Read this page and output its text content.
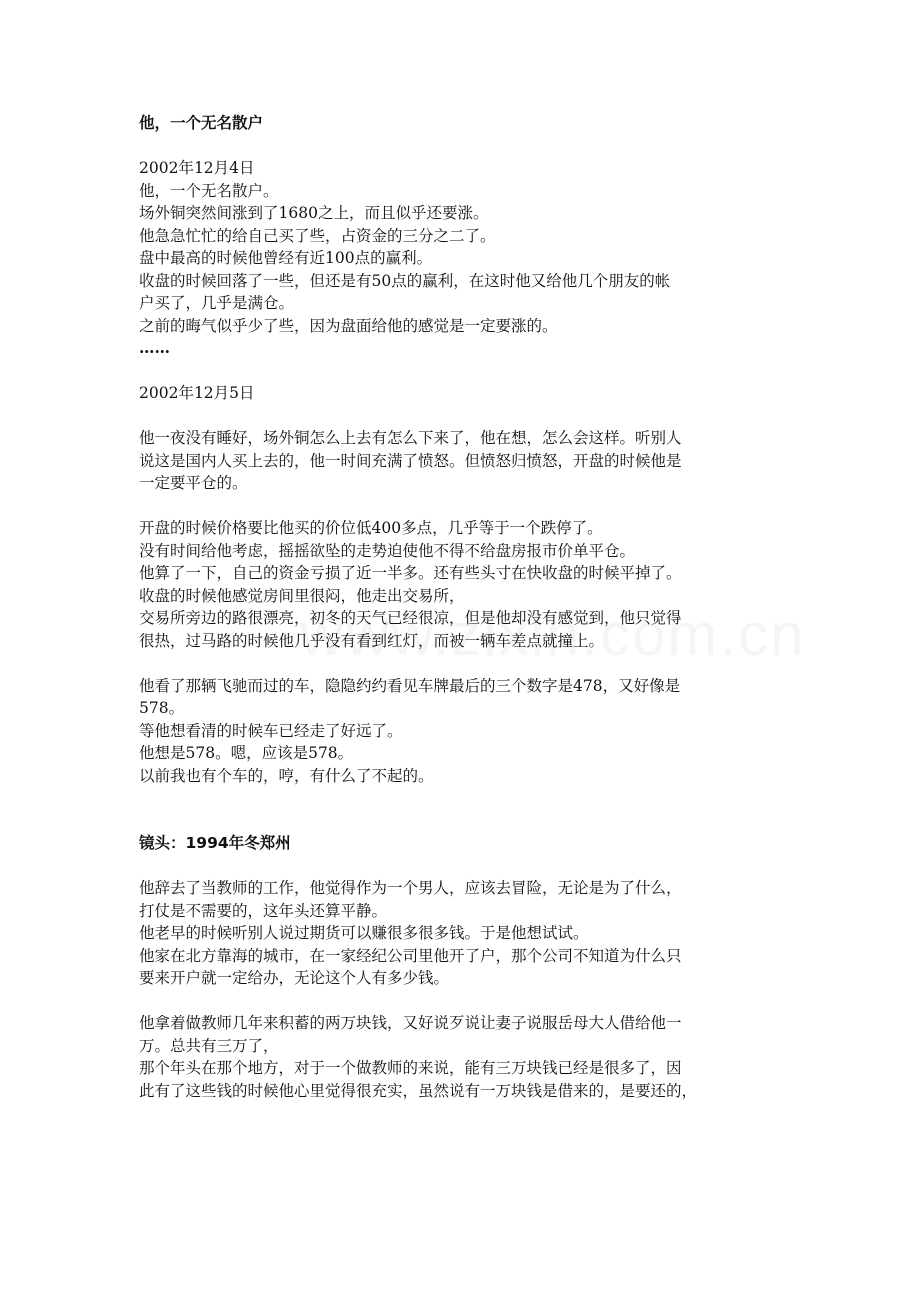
他，一个无名散户
2002年12月4日
他，一个无名散户。
场外铜突然间涨到了1680之上，而且似乎还要涨。
他急急忙忙的给自己买了些，占资金的三分之二了。
盘中最高的时候他曾经有近100点的赢利。
收盘的时候回落了一些，但还是有50点的赢利，在这时他又给他几个朋友的帐
户买了，几乎是满仓。
之前的晦气似乎少了些，因为盘面给他的感觉是一定要涨的。
……
2002年12月5日
他一夜没有睡好，场外铜怎么上去有怎么下来了，他在想，怎么会这样。听别人
说这是国内人买上去的，他一时间充满了愤怒。但愤怒归愤怒，开盘的时候他是
一定要平仓的。
开盘的时候价格要比他买的价位低400多点，几乎等于一个跌停了。
没有时间给他考虑，摇摇欲坠的走势迫使他不得不给盘房报市价单平仓。
他算了一下，自己的资金亏损了近一半多。还有些头寸在快收盘的时候平掉了。
收盘的时候他感觉房间里很闷，他走出交易所，
交易所旁边的路很漂亮，初冬的天气已经很凉，但是他却没有感觉到，他只觉得
很热，过马路的时候他几乎没有看到红灯，而被一辆车差点就撞上。
他看了那辆飞驰而过的车，隐隐约约看见车牌最后的三个数字是478，又好像是
578。
等他想看清的时候车已经走了好远了。
他想是578。嗯，应该是578。
以前我也有个车的，哼，有什么了不起的。
镜头：1994年冬郑州
他辞去了当教师的工作，他觉得作为一个男人，应该去冒险，无论是为了什么，
打仗是不需要的，这年头还算平静。
他老早的时候听别人说过期货可以赚很多很多钱。于是他想试试。
他家在北方靠海的城市，在一家经纪公司里他开了户，那个公司不知道为什么只
要来开户就一定给办，无论这个人有多少钱。
他拿着做教师几年来积蓄的两万块钱，又好说歹说让妻子说服岳母大人借给他一
万。总共有三万了，
那个年头在那个地方，对于一个做教师的来说，能有三万块钱已经是很多了，因
此有了这些钱的时候他心里觉得很充实，虽然说有一万块钱是借来的，是要还的，
